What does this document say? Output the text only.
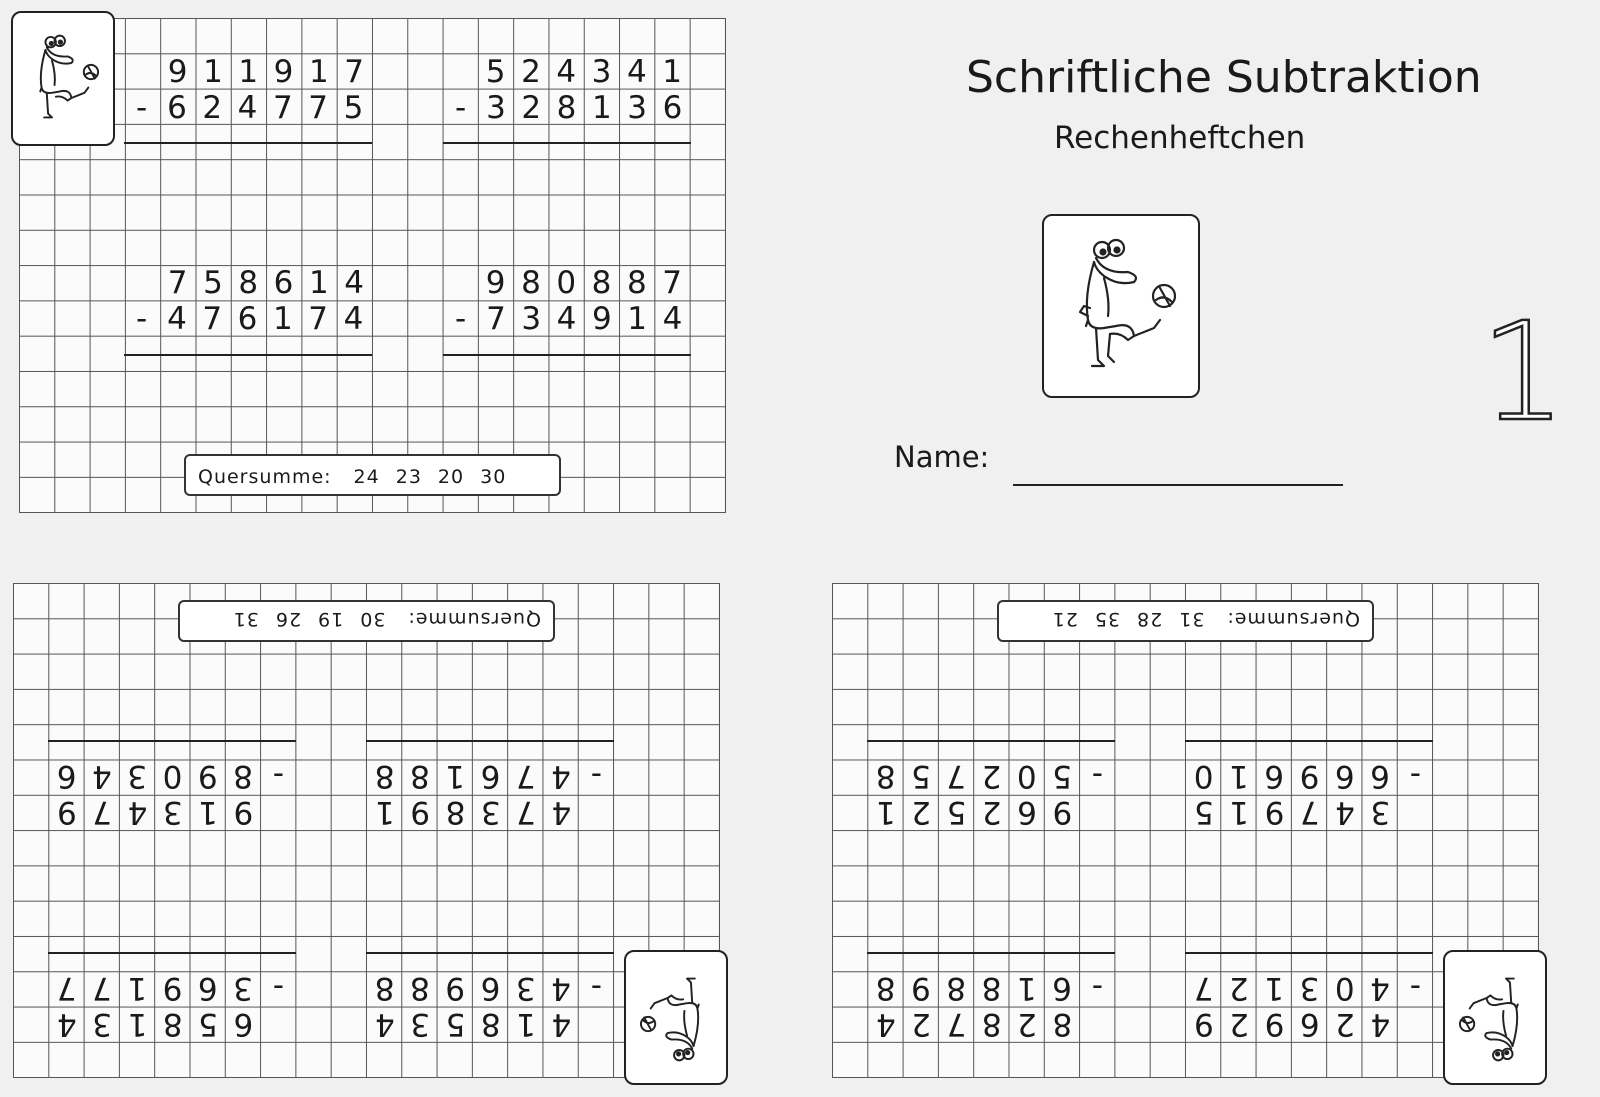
Schriftliche Subtraktion
Rechenheftchen
Name:
1
9 1 1 9 1 7
- 6 2 4 7 7 5
5 2 4 3 4 1
- 3 2 8 1 3 6
7 5 8 6 1 4
- 4 7 6 1 7 4
9 8 0 8 8 7
- 7 3 4 9 1 4
Quersumme: 24 23 20 30
418534
-436988
658134
-369177
473891
-476188
913479
-890346
Quersumme:30192631
426929
-403127
828724
-618898
347915
-669610
962521
-502758
Quersumme:31283521
